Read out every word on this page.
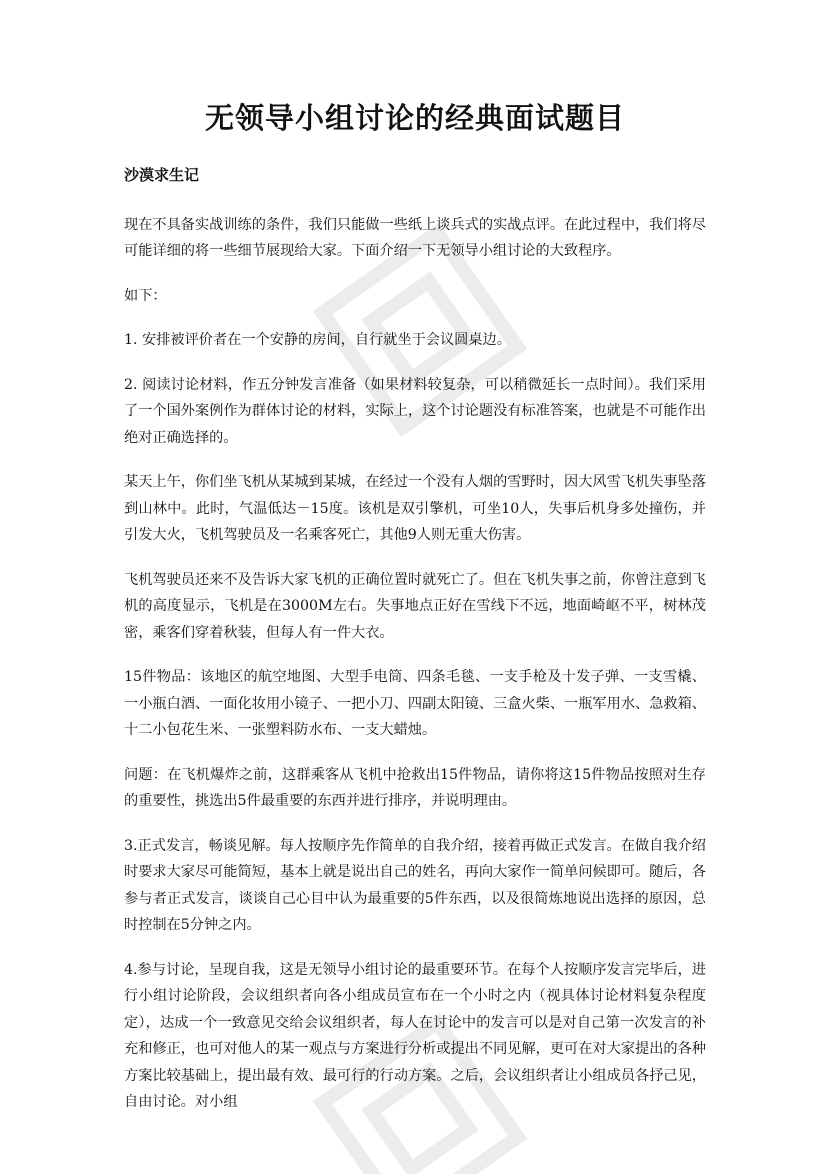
无领导小组讨论的经典面试题目
沙漠求生记

现在不具备实战训练的条件，我们只能做一些纸上谈兵式的实战点评。在此过程中，我们将尽可能详细的将一些细节展现给大家。下面介绍一下无领导小组讨论的大致程序。

如下：

1. 安排被评价者在一个安静的房间，自行就坐于会议圆桌边。

2. 阅读讨论材料，作五分钟发言准备（如果材料较复杂，可以稍微延长一点时间）。我们采用了一个国外案例作为群体讨论的材料，实际上，这个讨论题没有标准答案，也就是不可能作出绝对正确选择的。

某天上午，你们坐飞机从某城到某城，在经过一个没有人烟的雪野时，因大风雪飞机失事坠落到山林中。此时，气温低达－15度。该机是双引擎机，可坐10人，失事后机身多处撞伤，并引发大火，飞机驾驶员及一名乘客死亡，其他9人则无重大伤害。

飞机驾驶员还来不及告诉大家飞机的正确位置时就死亡了。但在飞机失事之前，你曾注意到飞机的高度显示，飞机是在3000M左右。失事地点正好在雪线下不远，地面崎岖不平，树林茂密，乘客们穿着秋装，但每人有一件大衣。

15件物品：该地区的航空地图、大型手电筒、四条毛毯、一支手枪及十发子弹、一支雪橇、一小瓶白酒、一面化妆用小镜子、一把小刀、四副太阳镜、三盒火柴、一瓶军用水、急救箱、十二小包花生米、一张塑料防水布、一支大蜡烛。

问题：在飞机爆炸之前，这群乘客从飞机中抢救出15件物品，请你将这15件物品按照对生存的重要性，挑选出5件最重要的东西并进行排序，并说明理由。

3.正式发言，畅谈见解。每人按顺序先作简单的自我介绍，接着再做正式发言。在做自我介绍时要求大家尽可能简短，基本上就是说出自己的姓名，再向大家作一简单问候即可。随后，各参与者正式发言，谈谈自己心目中认为最重要的5件东西，以及很简炼地说出选择的原因，总时控制在5分钟之内。

4.参与讨论，呈现自我，这是无领导小组讨论的最重要环节。在每个人按顺序发言完毕后，进行小组讨论阶段，会议组织者向各小组成员宣布在一个小时之内（视具体讨论材料复杂程度定），达成一个一致意见交给会议组织者，每人在讨论中的发言可以是对自己第一次发言的补充和修正，也可对他人的某一观点与方案进行分析或提出不同见解，更可在对大家提出的各种方案比较基础上，提出最有效、最可行的行动方案。之后，会议组织者让小组成员各抒己见，自由讨论。对小组
